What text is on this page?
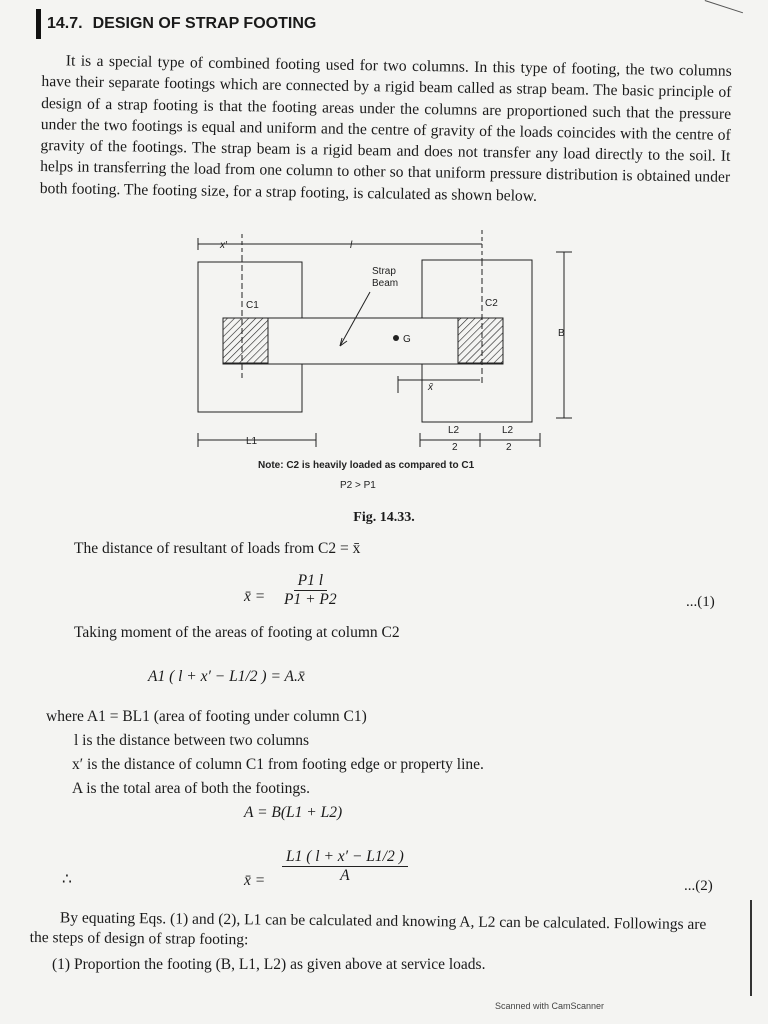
14.7. DESIGN OF STRAP FOOTING
It is a special type of combined footing used for two columns. In this type of footing, the two columns have their separate footings which are connected by a rigid beam called as strap beam. The basic principle of design of a strap footing is that the footing areas under the columns are proportioned such that the pressure under the two footings is equal and uniform and the centre of gravity of the loads coincides with the centre of gravity of the footings. The strap beam is a rigid beam and does not transfer any load directly to the soil. It helps in transferring the load from one column to other so that uniform pressure distribution is obtained under both footing. The footing size, for a strap footing, is calculated as shown below.
x′	l
C1	C2
Strap
Beam
G
B
x̄
L1
L2
2
L2
2
Note: C2 is heavily loaded as compared to C1
P2 > P1
Fig. 14.33.
The distance of resultant of loads from C2 = x̄
x̄ = $\frac{P1 l}{P1 + P2}$	...(1)
Taking moment of the areas of footing at column C2
A1 ( l + x′ − L1/2 ) = A.x̄
where A1 = BL1 (area of footing under column C1)
l is the distance between two columns
x′ is the distance of column C1 from footing edge or property line.
A is the total area of both the footings.
A = B(L1 + L2)
∴	x̄ = $\frac{L1 ( l + x' - L1/2 )}{A}$
...(2)
By equating Eqs. (1) and (2), L1 can be calculated and knowing A, L2 can be calculated. Followings are the steps of design of strap footing:
(1) Proportion the footing (B, L1, L2) as given above at service loads.
Scanned with CamScanner
